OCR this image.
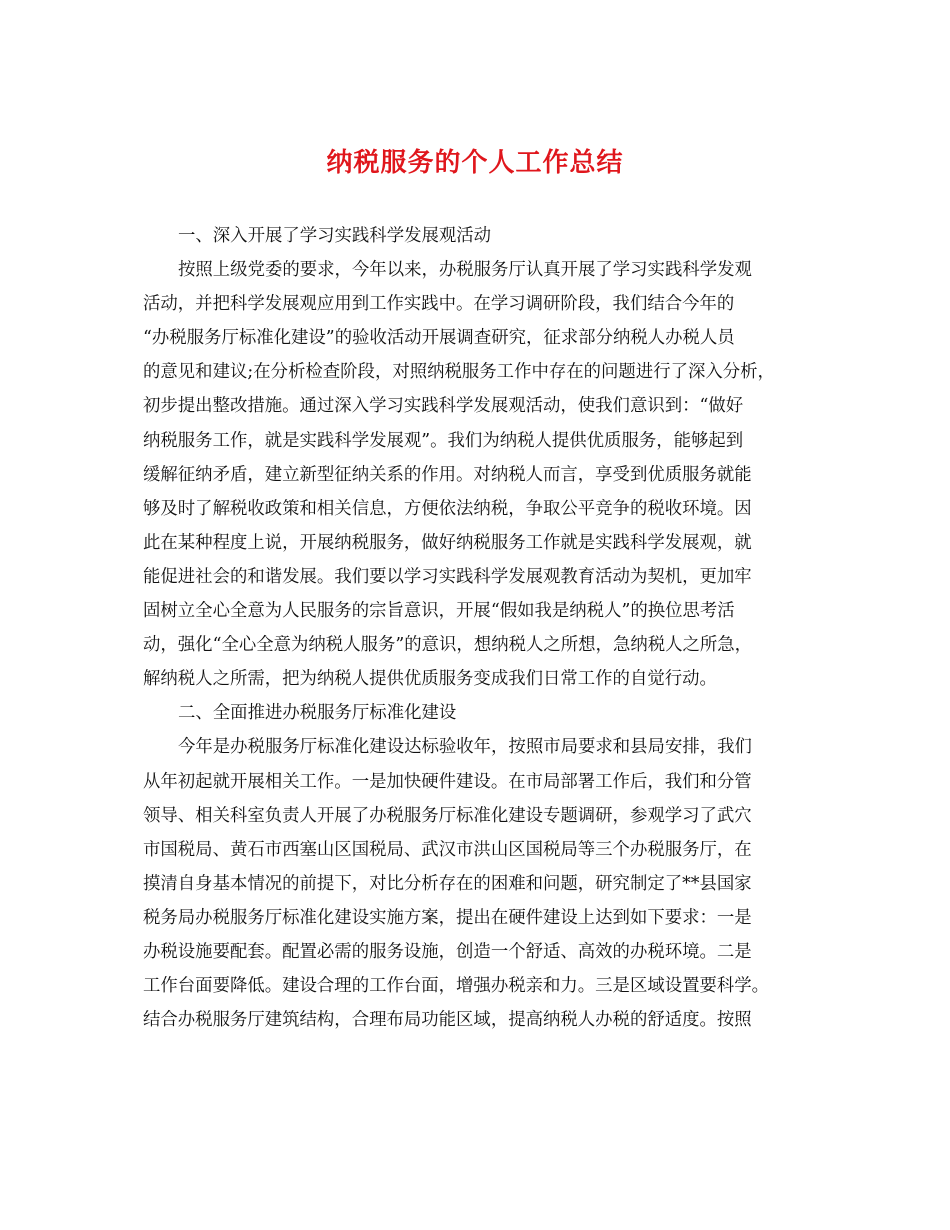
纳税服务的个人工作总结
一、深入开展了学习实践科学发展观活动
按照上级党委的要求，今年以来，办税服务厅认真开展了学习实践科学发观
活动，并把科学发展观应用到工作实践中。在学习调研阶段，我们结合今年的
“办税服务厅标准化建设”的验收活动开展调查研究，征求部分纳税人办税人员
的意见和建议;在分析检查阶段，对照纳税服务工作中存在的问题进行了深入分析，
初步提出整改措施。通过深入学习实践科学发展观活动，使我们意识到：“做好
纳税服务工作，就是实践科学发展观”。我们为纳税人提供优质服务，能够起到
缓解征纳矛盾，建立新型征纳关系的作用。对纳税人而言，享受到优质服务就能
够及时了解税收政策和相关信息，方便依法纳税，争取公平竞争的税收环境。因
此在某种程度上说，开展纳税服务，做好纳税服务工作就是实践科学发展观，就
能促进社会的和谐发展。我们要以学习实践科学发展观教育活动为契机，更加牢
固树立全心全意为人民服务的宗旨意识，开展“假如我是纳税人”的换位思考活
动，强化“全心全意为纳税人服务”的意识，想纳税人之所想，急纳税人之所急，
解纳税人之所需，把为纳税人提供优质服务变成我们日常工作的自觉行动。
二、全面推进办税服务厅标准化建设
今年是办税服务厅标准化建设达标验收年，按照市局要求和县局安排，我们
从年初起就开展相关工作。一是加快硬件建设。在市局部署工作后，我们和分管
领导、相关科室负责人开展了办税服务厅标准化建设专题调研，参观学习了武穴
市国税局、黄石市西塞山区国税局、武汉市洪山区国税局等三个办税服务厅，在
摸清自身基本情况的前提下，对比分析存在的困难和问题，研究制定了**县国家
税务局办税服务厅标准化建设实施方案，提出在硬件建设上达到如下要求：一是
办税设施要配套。配置必需的服务设施，创造一个舒适、高效的办税环境。二是
工作台面要降低。建设合理的工作台面，增强办税亲和力。三是区域设置要科学。
结合办税服务厅建筑结构，合理布局功能区域，提高纳税人办税的舒适度。按照
